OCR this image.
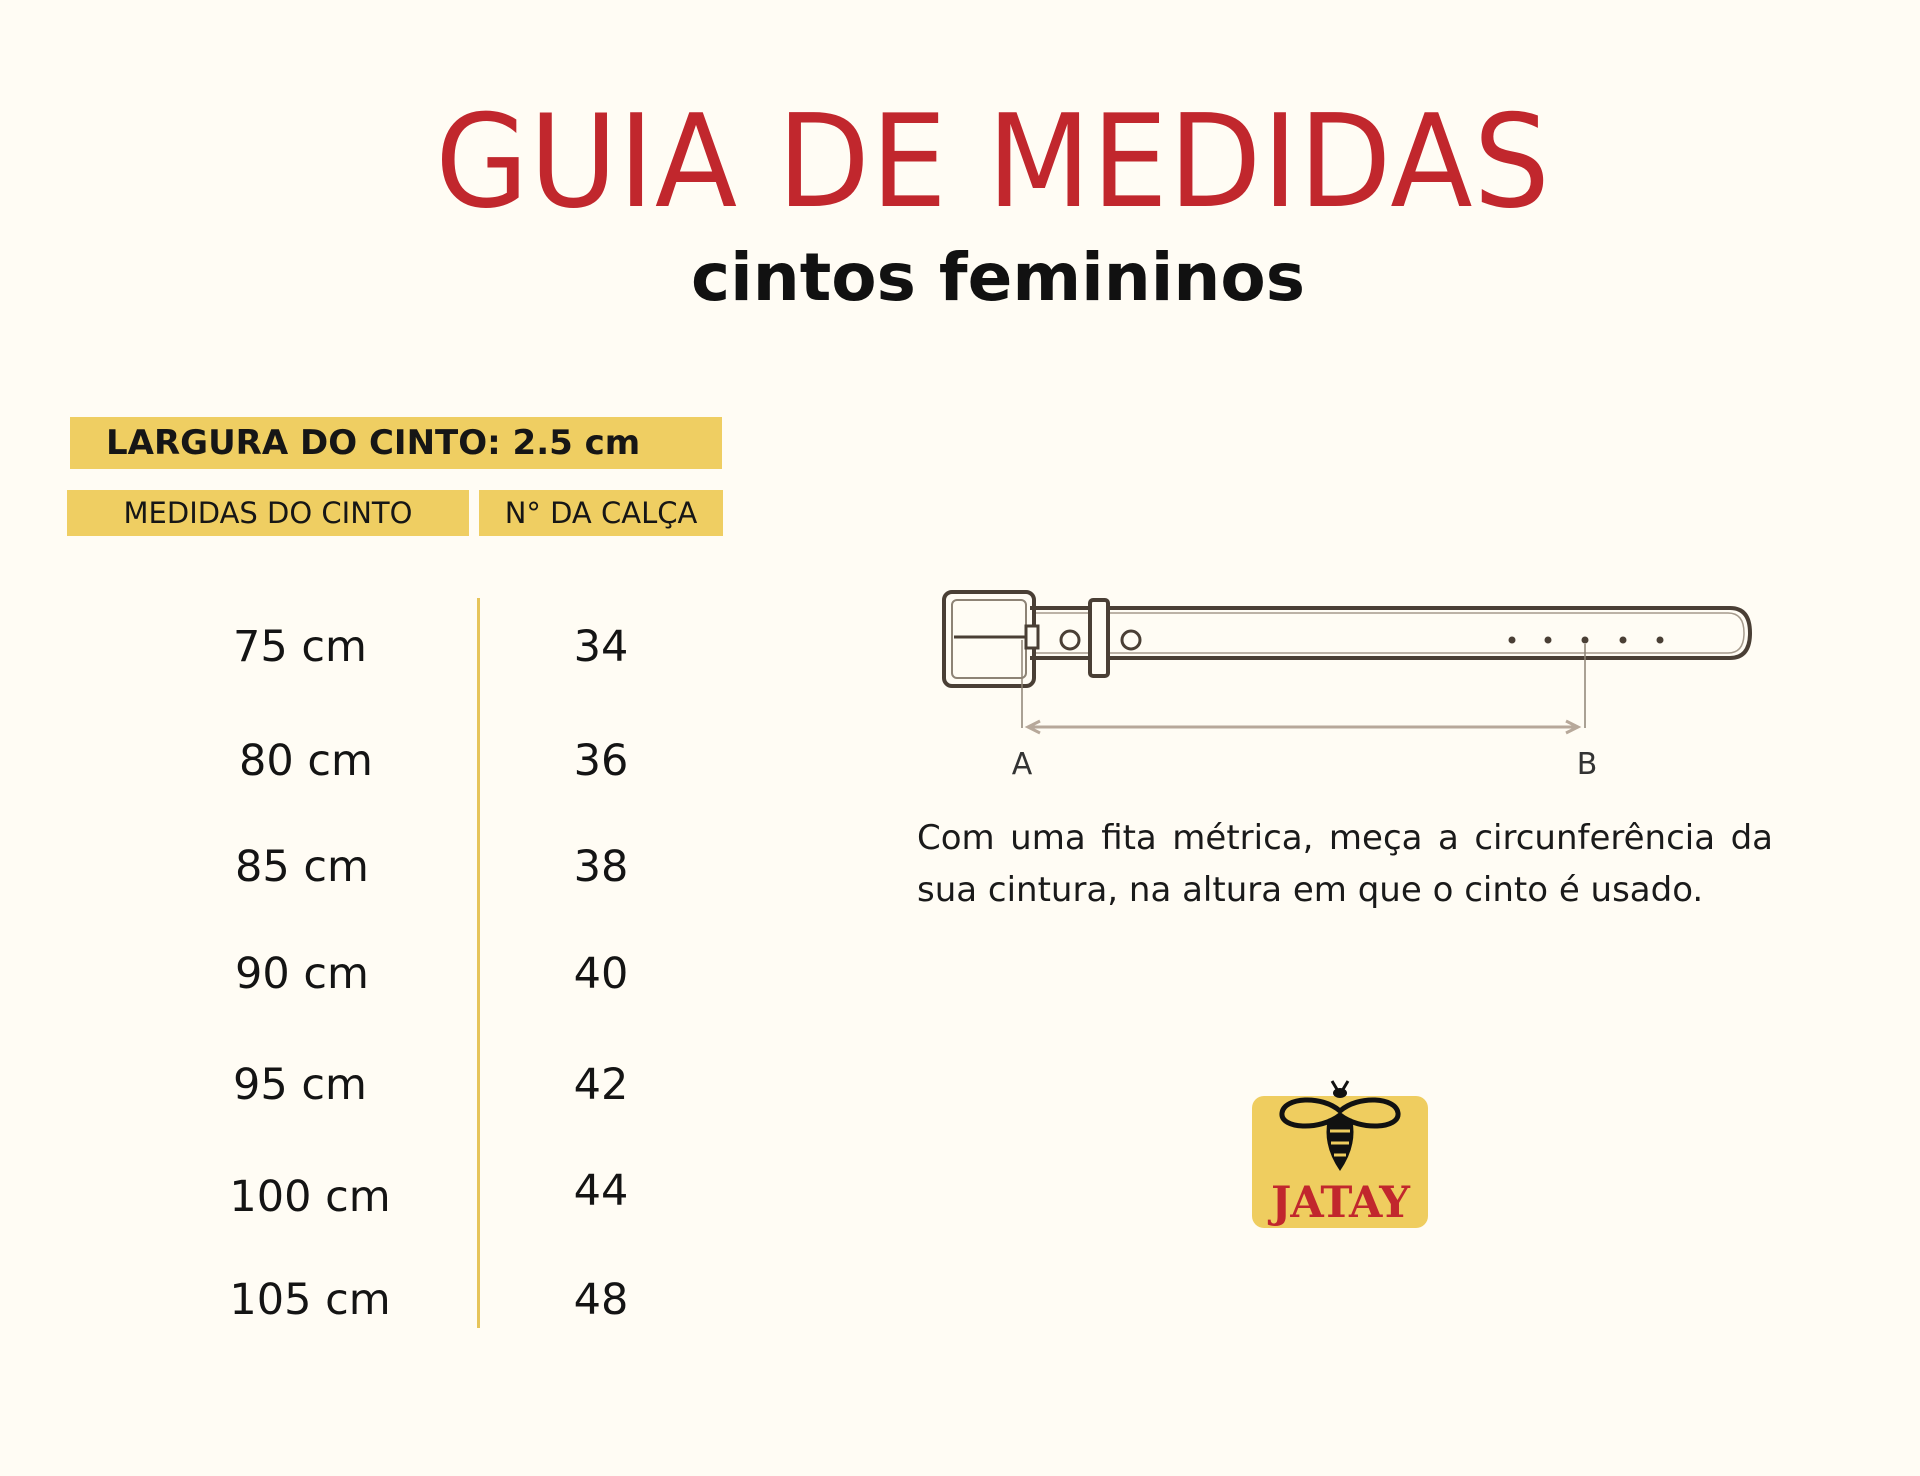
GUIA DE MEDIDAS
cintos femininos
LARGURA DO CINTO: 2.5 cm
MEDIDAS DO CINTO	N° DA CALÇA
75 cm	34
80 cm	36
85 cm	38
90 cm	40
95 cm	42
100 cm	44
105 cm	48
A	B

Com uma fita métrica, meça a circunferência da sua cintura, na altura em que o cinto é usado.

JATAY
